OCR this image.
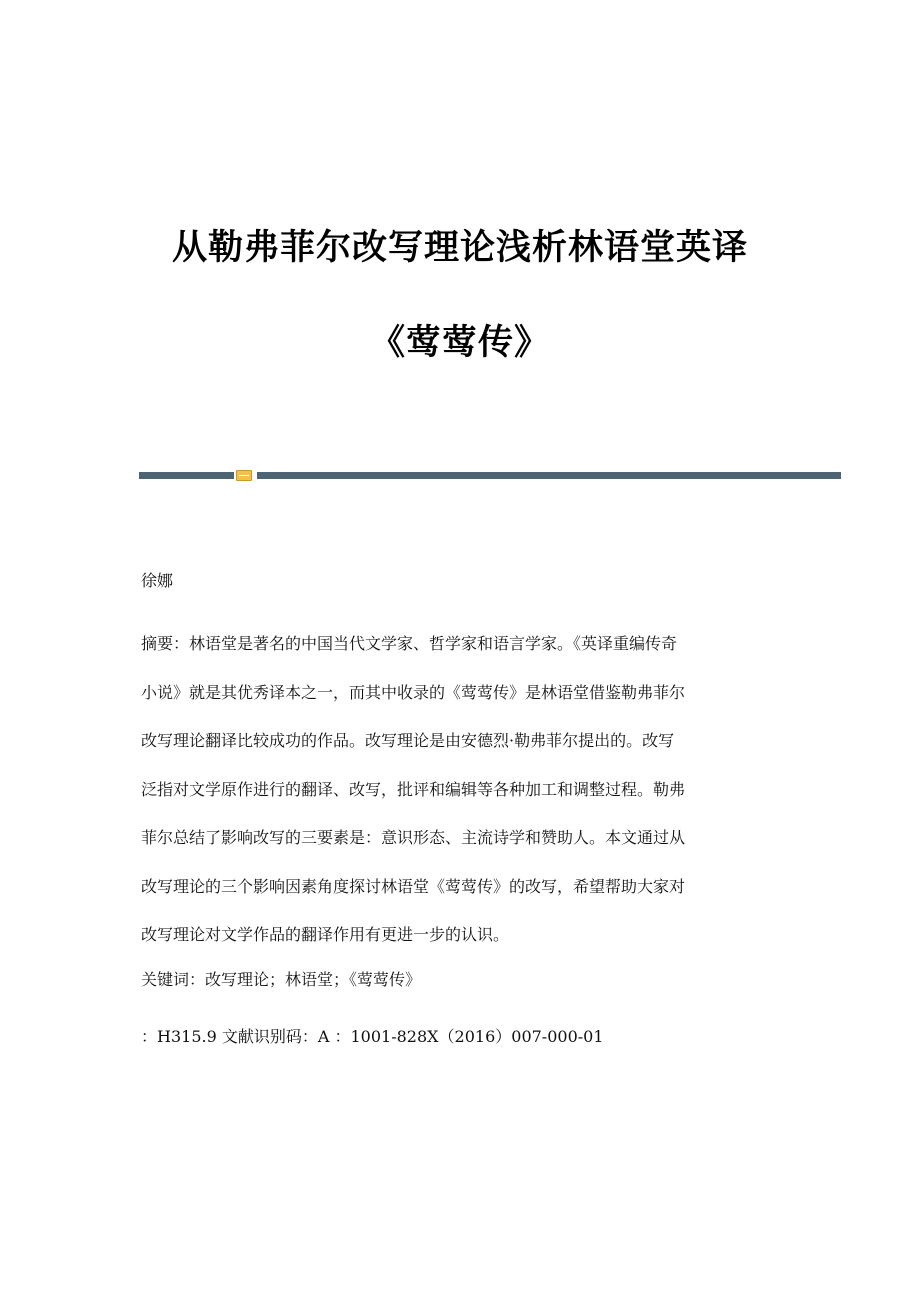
从勒弗菲尔改写理论浅析林语堂英译
《莺莺传》
徐娜

摘要：林语堂是著名的中国当代文学家、哲学家和语言学家。《英译重编传奇
小说》就是其优秀译本之一，而其中收录的《莺莺传》是林语堂借鉴勒弗菲尔
改写理论翻译比较成功的作品。改写理论是由安德烈·勒弗菲尔提出的。改写
泛指对文学原作进行的翻译、改写，批评和编辑等各种加工和调整过程。勒弗
菲尔总结了影响改写的三要素是：意识形态、主流诗学和赞助人。本文通过从
改写理论的三个影响因素角度探讨林语堂《莺莺传》的改写，希望帮助大家对
改写理论对文学作品的翻译作用有更进一步的认识。

关键词：改写理论；林语堂；《莺莺传》
：H315.9 文献识别码：A ：1001-828X（2016）007-000-01
